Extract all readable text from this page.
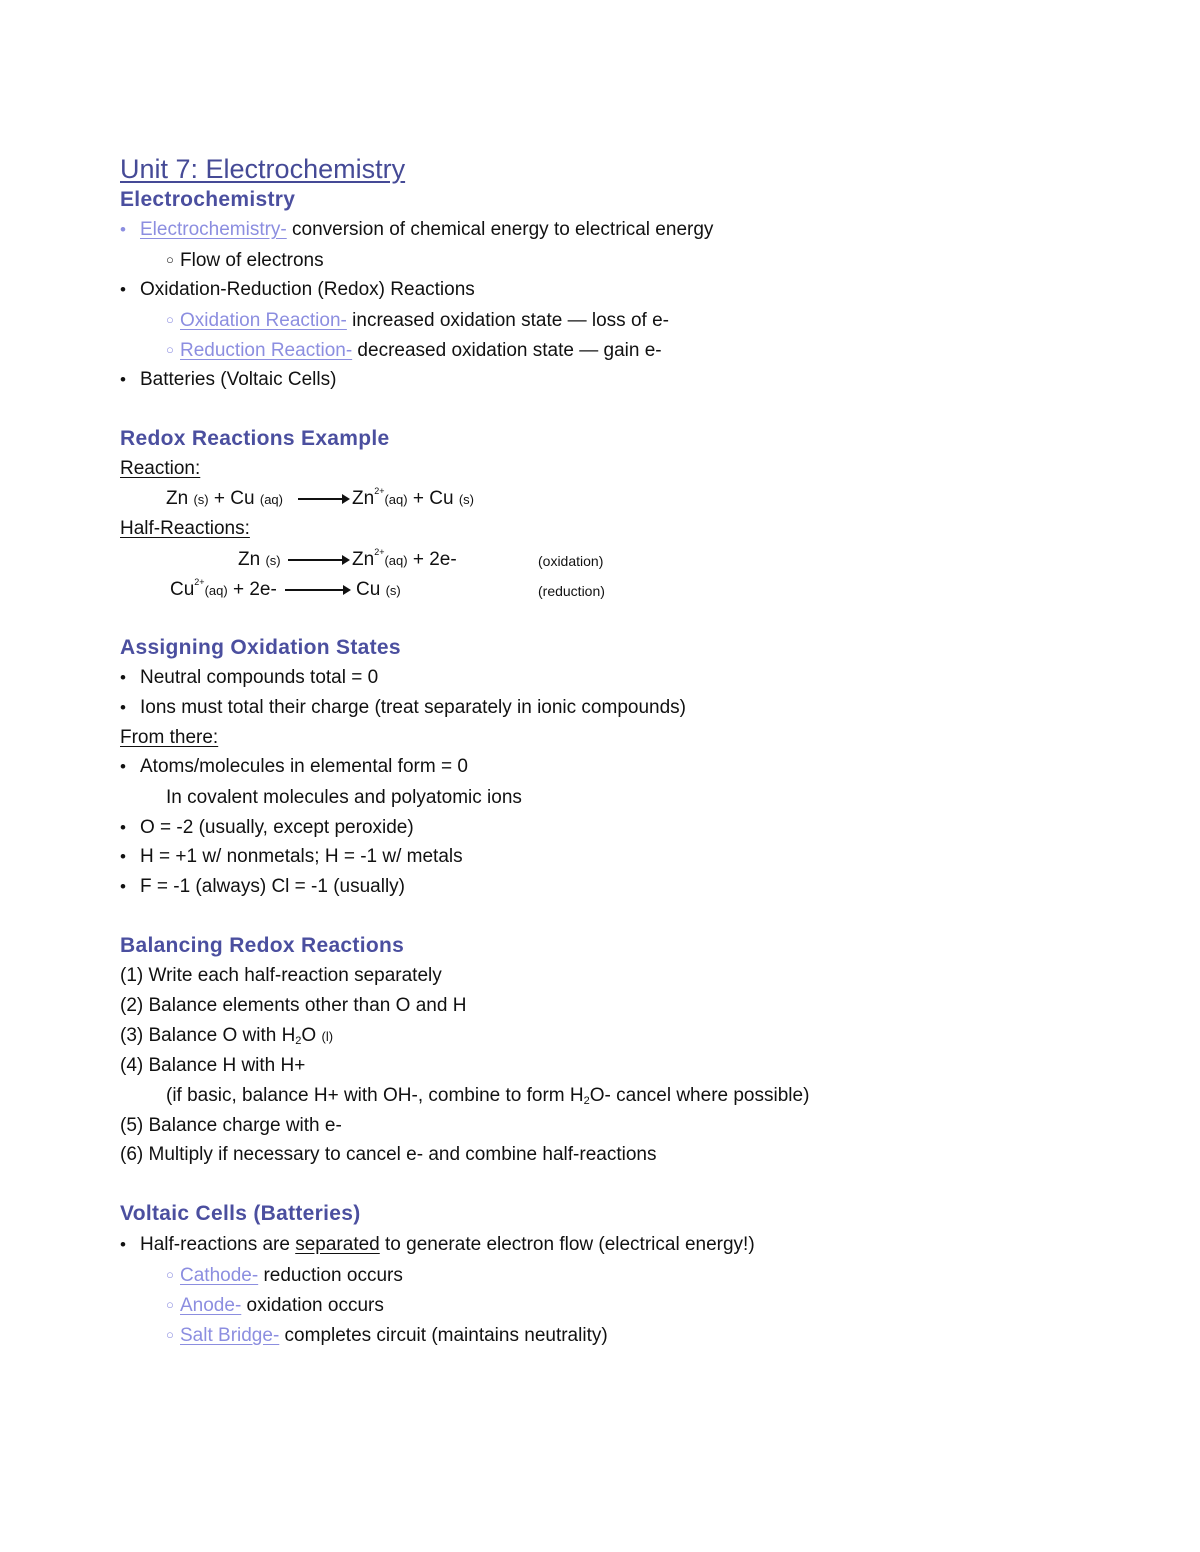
Unit 7: Electrochemistry
Electrochemistry
• Electrochemistry- conversion of chemical energy to electrical energy
○ Flow of electrons
• Oxidation-Reduction (Redox) Reactions
○ Oxidation Reaction- increased oxidation state — loss of e-
○ Reduction Reaction- decreased oxidation state — gain e-
• Batteries (Voltaic Cells)
Redox Reactions Example
Reaction:
Zn (s) + Cu $(aq) \to Zn^{2+}(aq) + Cu$ (s)
Half-Reactions:
Zn $(s) \to Zn^{2+}(aq) + 2e-$	(oxidation)
$Cu^{2+}(aq) + 2e-$	Cu (s)	(reduction)
Assigning Oxidation States
• Neutral compounds total = 0
• Ions must total their charge (treat separately in ionic compounds)
From there:
• Atoms/molecules in elemental form = 0
In covalent molecules and polyatomic ions
• O = -2 (usually, except peroxide)
• H = +1 w/ nonmetals; H = -1 w/ metals
• F = -1 (always) Cl = -1 (usually)
Balancing Redox Reactions
(1) Write each half-reaction separately
(2) Balance elements other than O and H
(3) Balance O with $H_2O$ (l)
(4) Balance H with H+
(if basic, balance H+ with OH-, combine to form $H_2O-$ cancel where possible)
(5) Balance charge with e-
(6) Multiply if necessary to cancel e- and combine half-reactions
Voltaic Cells (Batteries)
• Half-reactions are separated to generate electron flow (electrical energy!)
○ Cathode- reduction occurs
○ Anode- oxidation occurs
○ Salt Bridge- completes circuit (maintains neutrality)
